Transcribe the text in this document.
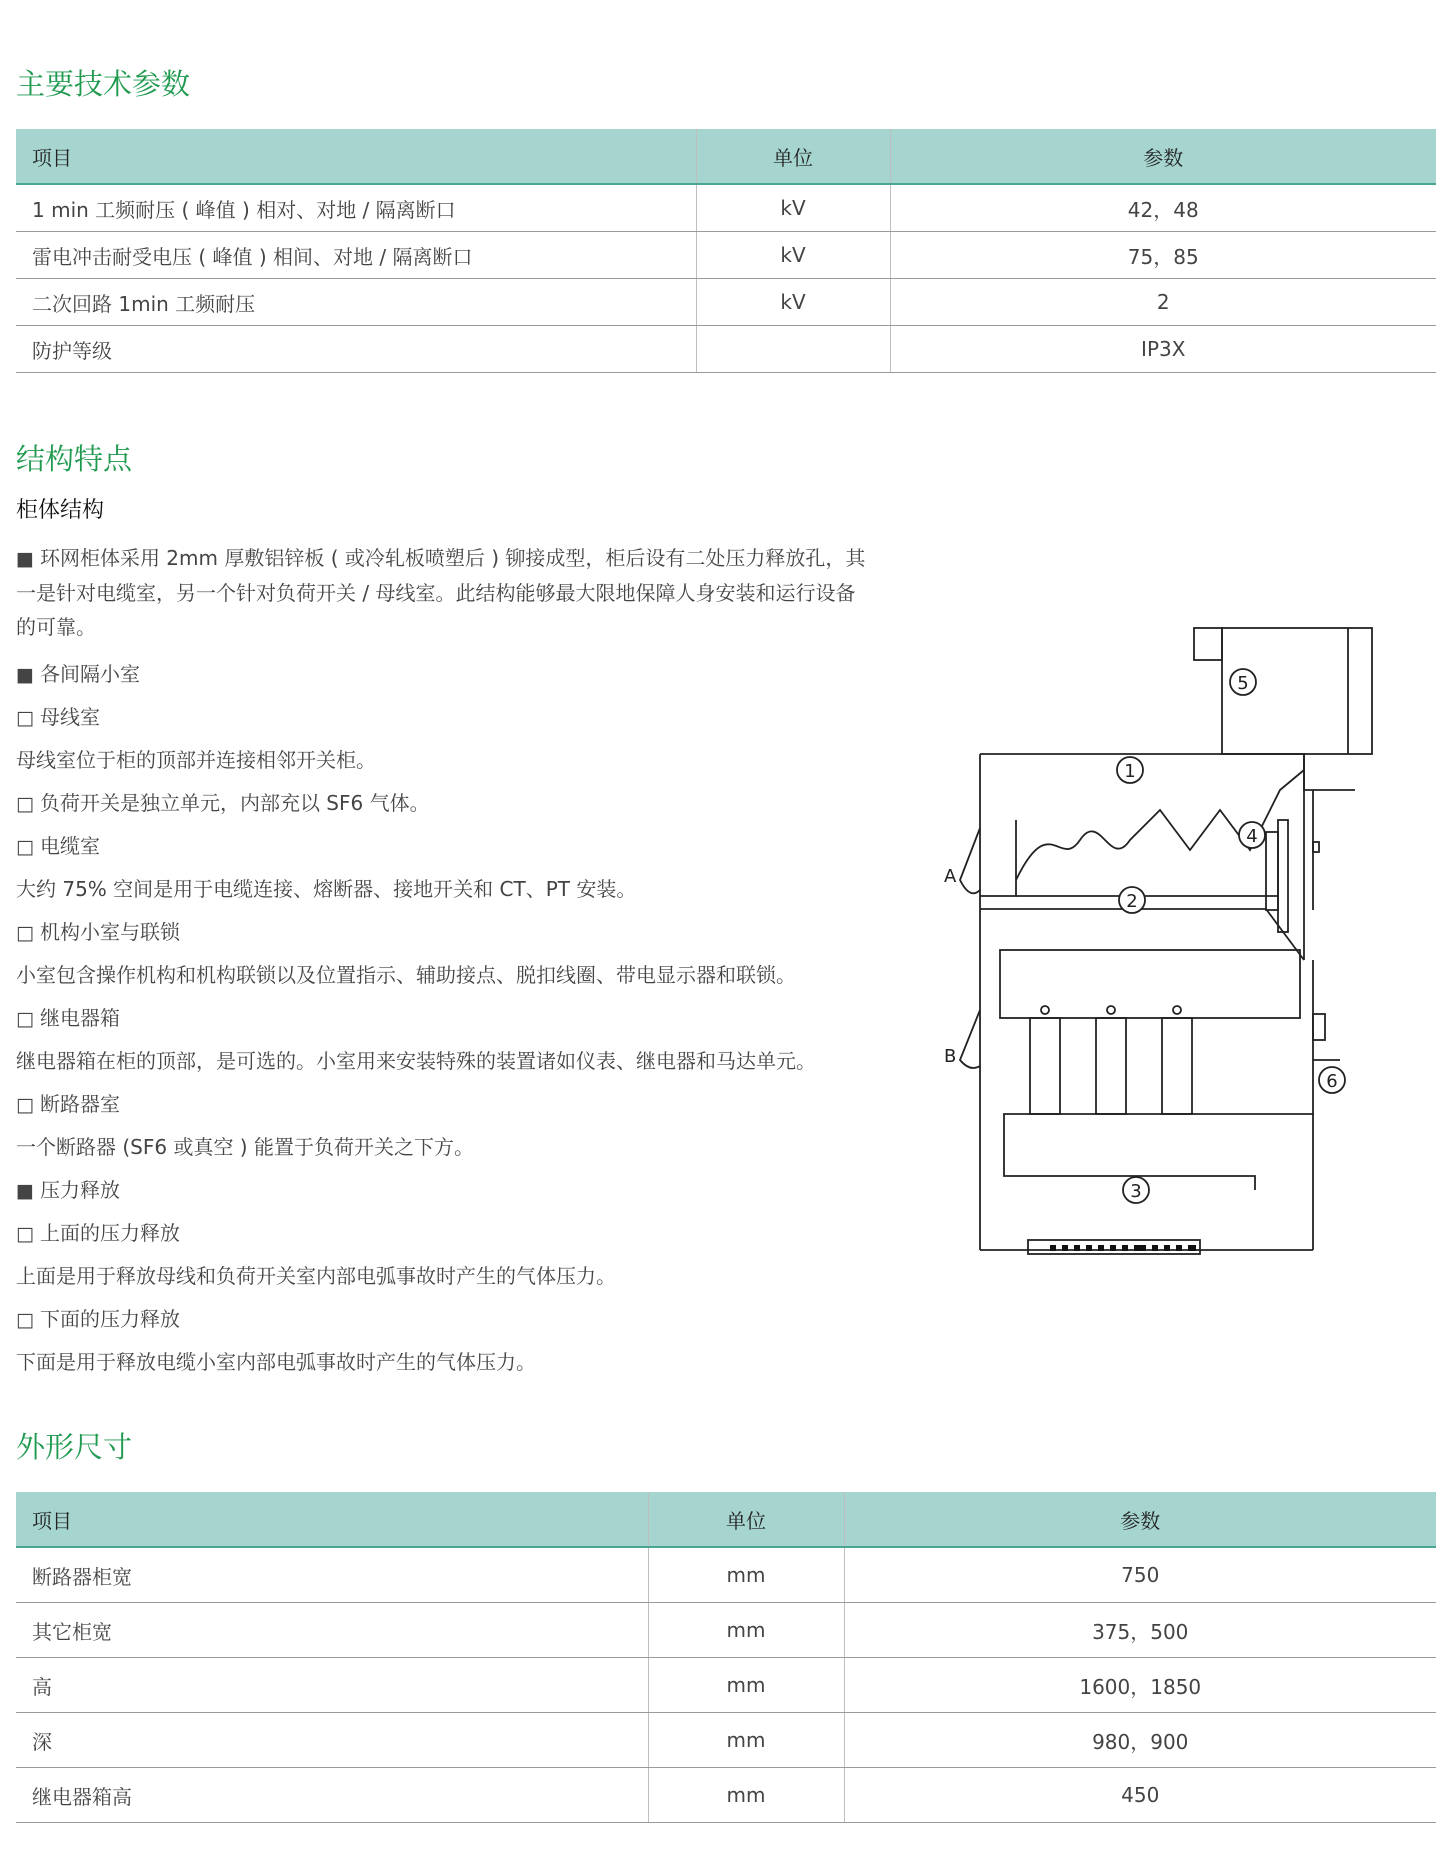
主要技术参数
项目	单位	参数
1 min 工频耐压 ( 峰值 ) 相对、对地 / 隔离断口	kV	42，48
雷电冲击耐受电压 ( 峰值 ) 相间、对地 / 隔离断口	kV	75，85
二次回路 1min 工频耐压	kV	2
防护等级		IP3X
结构特点
柜体结构
■ 环网柜体采用 2mm 厚敷铝锌板 ( 或冷轧板喷塑后 ) 铆接成型，柜后设有二处压力释放孔，其一是针对电缆室，另一个针对负荷开关 / 母线室。此结构能够最大限地保障人身安装和运行设备的可靠。
■ 各间隔小室
□ 母线室
母线室位于柜的顶部并连接相邻开关柜。
□ 负荷开关是独立单元，内部充以 SF6 气体。
□ 电缆室
大约 75% 空间是用于电缆连接、熔断器、接地开关和 CT、PT 安装。
□ 机构小室与联锁
小室包含操作机构和机构联锁以及位置指示、辅助接点、脱扣线圈、带电显示器和联锁。
□ 继电器箱
继电器箱在柜的顶部，是可选的。小室用来安装特殊的装置诸如仪表、继电器和马达单元。
□ 断路器室
一个断路器 (SF6 或真空 ) 能置于负荷开关之下方。
■ 压力释放
□ 上面的压力释放
上面是用于释放母线和负荷开关室内部电弧事故时产生的气体压力。
□ 下面的压力释放
下面是用于释放电缆小室内部电弧事故时产生的气体压力。
5
1
4
2
6
3
A
B
外形尺寸
项目	单位	参数
断路器柜宽	mm	750
其它柜宽	mm	375，500
高	mm	1600，1850
深	mm	980，900
继电器箱高	mm	450
